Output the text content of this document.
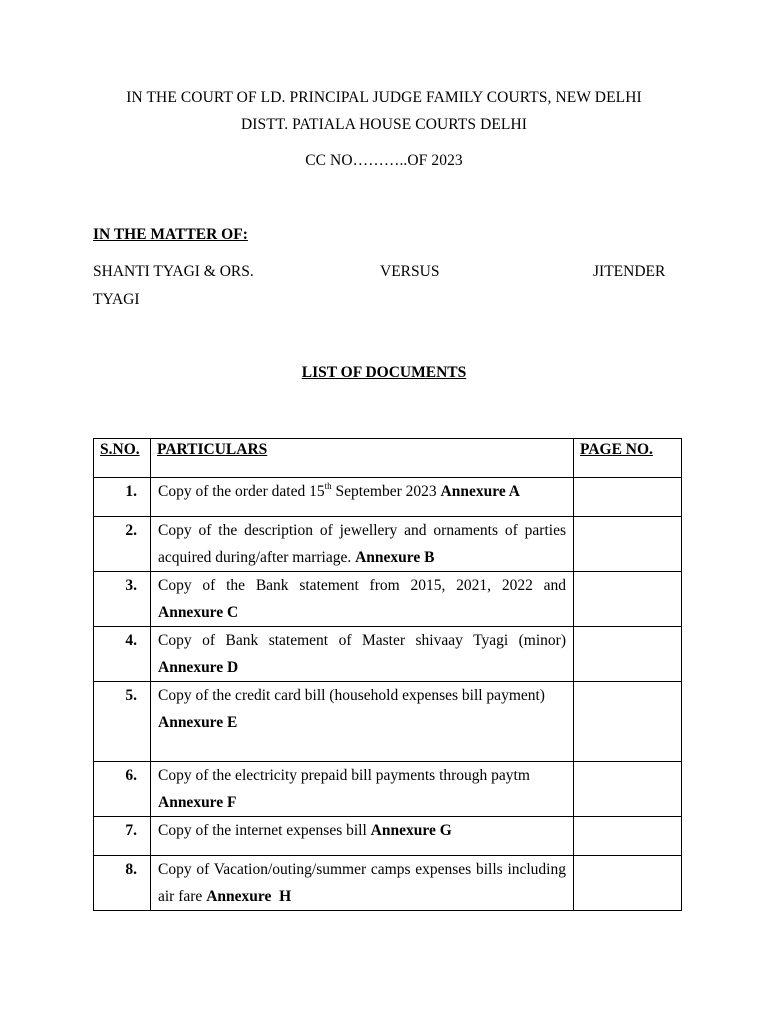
IN THE COURT OF LD. PRINCIPAL JUDGE FAMILY COURTS, NEW DELHI
DISTT. PATIALA HOUSE COURTS DELHI
CC NO………..OF 2023
IN THE MATTER OF:
SHANTI TYAGI & ORS.	VERSUS	JITENDER
TYAGI
LIST OF DOCUMENTS
S.NO.	PARTICULARS	PAGE NO.
1.	Copy of the order dated 15th September 2023 Annexure A	
2.	Copy of the description of jewellery and ornaments of parties acquired during/after marriage. Annexure B	
3.	Copy of the Bank statement from 2015, 2021, 2022 and Annexure C	
4.	Copy of Bank statement of Master shivaay Tyagi (minor) Annexure D	
5.	Copy of the credit card bill (household expenses bill payment)
Annexure E	
6.	Copy of the electricity prepaid bill payments through paytm Annexure F	
7.	Copy of the internet expenses bill Annexure G	
8.	Copy of Vacation/outing/summer camps expenses bills including air fare Annexure  H	
